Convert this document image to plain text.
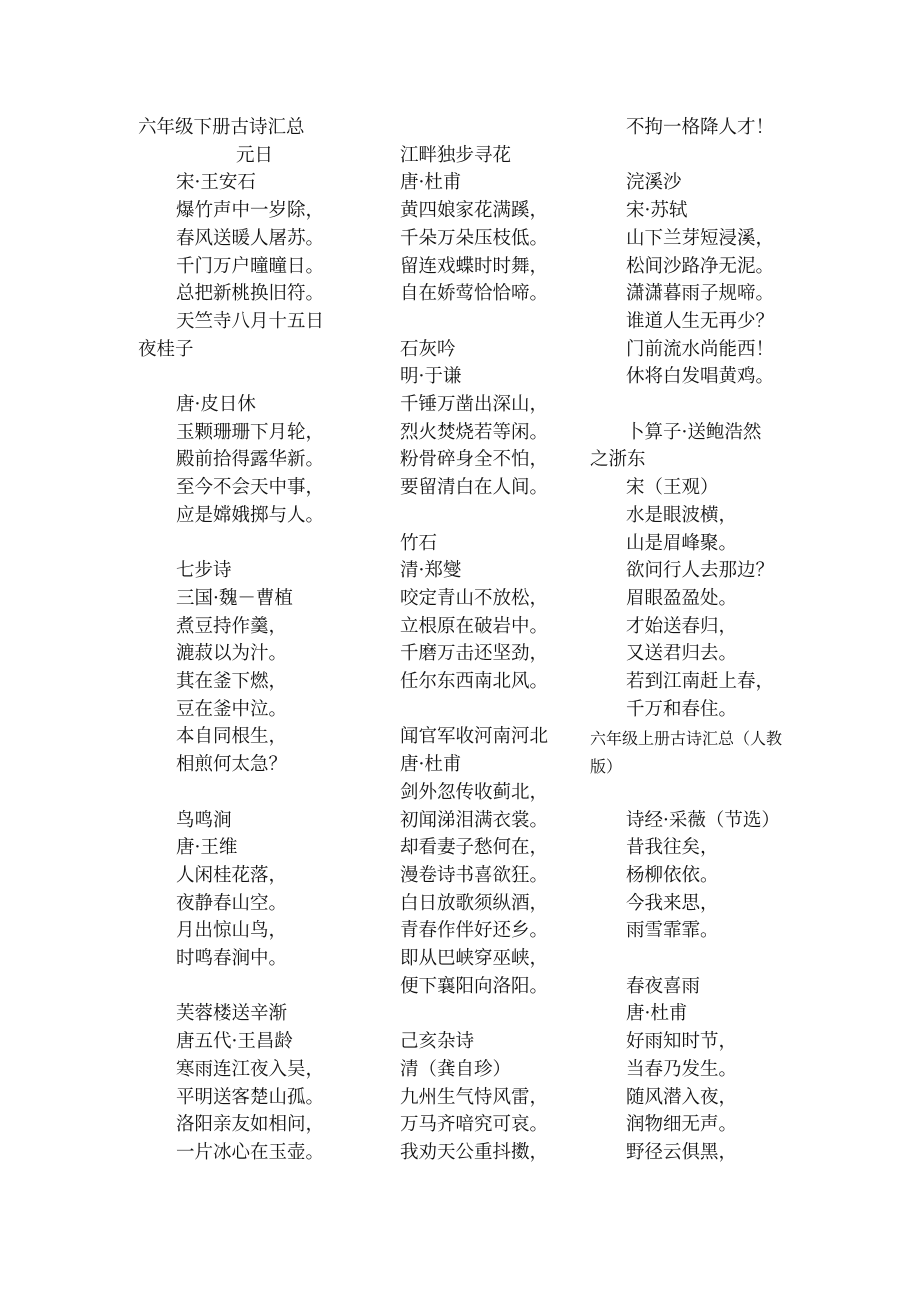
六年级下册古诗汇总
元日
宋·王安石
爆竹声中一岁除，
春风送暖人屠苏。
千门万户曈曈日。
总把新桃换旧符。
天竺寺八月十五日
夜桂子
唐·皮日休
玉颗珊珊下月轮，
殿前拾得露华新。
至今不会天中事，
应是嫦娥掷与人。
七步诗
三国·魏－曹植
煮豆持作羹，
漉菽以为汁。
萁在釜下燃，
豆在釜中泣。
本自同根生，
相煎何太急？
鸟鸣涧
唐·王维
人闲桂花落，
夜静春山空。
月出惊山鸟，
时鸣春涧中。
芙蓉楼送辛渐
唐五代·王昌龄
寒雨连江夜入吴，
平明送客楚山孤。
洛阳亲友如相问，
一片冰心在玉壶。
江畔独步寻花
唐·杜甫
黄四娘家花满蹊，
千朵万朵压枝低。
留连戏蝶时时舞，
自在娇莺恰恰啼。
石灰吟
明·于谦
千锤万凿出深山，
烈火焚烧若等闲。
粉骨碎身全不怕，
要留清白在人间。
竹石
清·郑燮
咬定青山不放松，
立根原在破岩中。
千磨万击还坚劲，
任尔东西南北风。
闻官军收河南河北
唐·杜甫
剑外忽传收蓟北，
初闻涕泪满衣裳。
却看妻子愁何在，
漫卷诗书喜欲狂。
白日放歌须纵酒，
青春作伴好还乡。
即从巴峡穿巫峡，
便下襄阳向洛阳。
己亥杂诗
清（龚自珍）
九州生气恃风雷，
万马齐喑究可哀。
我劝天公重抖擞，
不拘一格降人才！
浣溪沙
宋·苏轼
山下兰芽短浸溪，
松间沙路净无泥。
潇潇暮雨子规啼。
谁道人生无再少？
门前流水尚能西！
休将白发唱黄鸡。
卜算子·送鲍浩然
之浙东
宋（王观）
水是眼波横，
山是眉峰聚。
欲问行人去那边？
眉眼盈盈处。
才始送春归，
又送君归去。
若到江南赶上春，
千万和春住。
六年级上册古诗汇总（人教
版）
诗经·采薇（节选）
昔我往矣，
杨柳依依。
今我来思，
雨雪霏霏。
春夜喜雨
唐·杜甫
好雨知时节，
当春乃发生。
随风潜入夜，
润物细无声。
野径云俱黑，
